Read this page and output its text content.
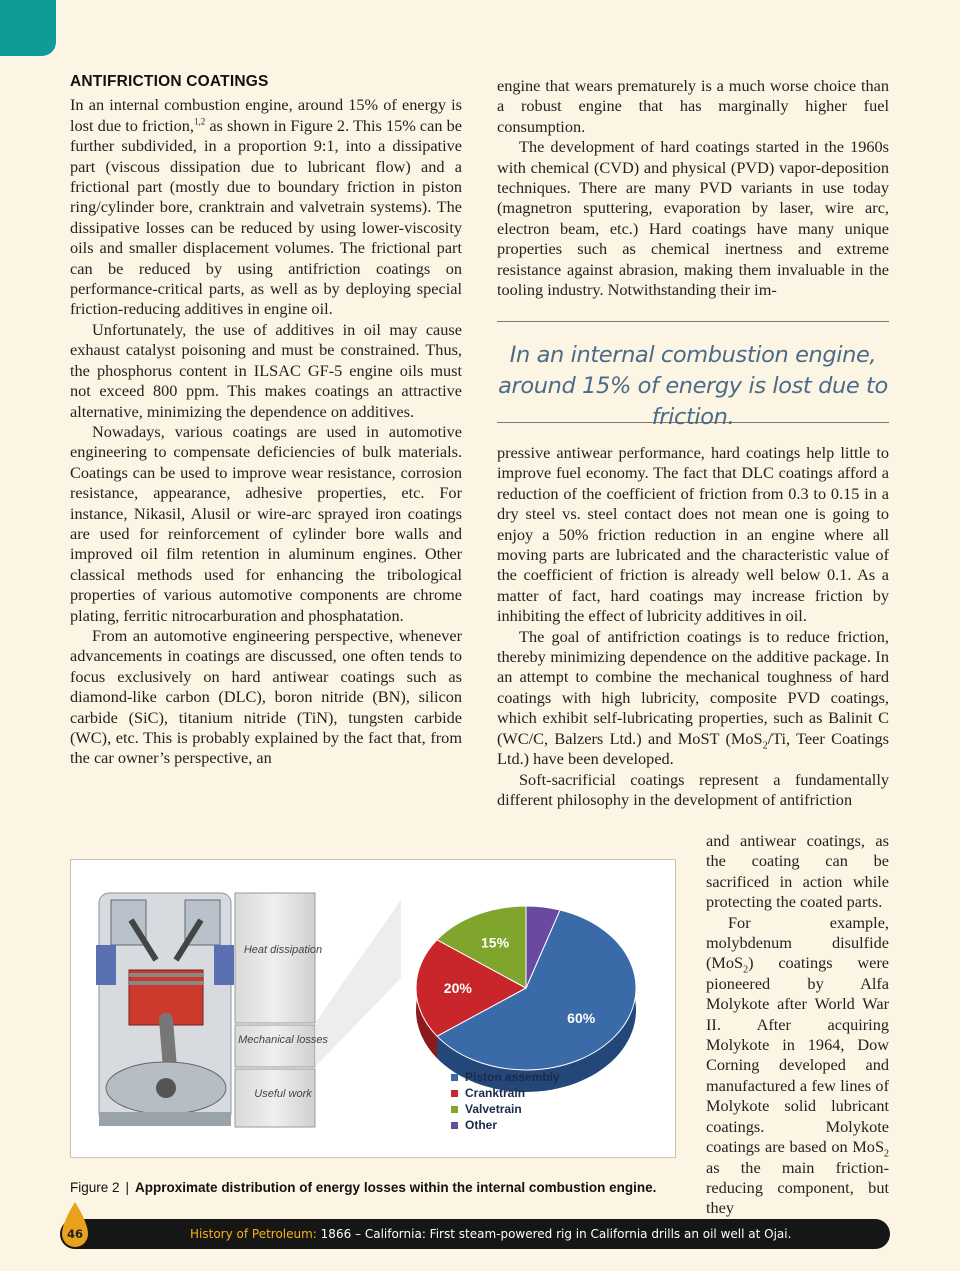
ANTIFRICTION COATINGS

In an internal combustion engine, around 15% of energy is lost due to friction,$^{1,2}$ as shown in Figure 2. This 15% can be further subdivided, in a proportion 9:1, into a dissipative part (viscous dissipation due to lubricant flow) and a frictional part (mostly due to boundary friction in piston ring/cylinder bore, cranktrain and valvetrain systems). The dissipative losses can be reduced by using lower-viscosity oils and smaller displacement volumes. The frictional part can be reduced by using antifriction coatings on performance-critical parts, as well as by deploying special friction-reducing additives in engine oil.

Unfortunately, the use of additives in oil may cause exhaust catalyst poisoning and must be constrained. Thus, the phosphorus content in ILSAC GF-5 engine oils must not exceed 800 ppm. This makes coatings an attractive alternative, minimizing the dependence on additives.

Nowadays, various coatings are used in automotive engineering to compensate deficiencies of bulk materials. Coatings can be used to improve wear resistance, corrosion resistance, appearance, adhesive properties, etc. For instance, Nikasil, Alusil or wire-arc sprayed iron coatings are used for reinforcement of cylinder bore walls and improved oil film retention in aluminum engines. Other classical methods used for enhancing the tribological properties of various automotive components are chrome plating, ferritic nitrocarburation and phosphatation.

From an automotive engineering perspective, whenever advancements in coatings are discussed, one often tends to focus exclusively on hard antiwear coatings such as diamond-like carbon (DLC), boron nitride (BN), silicon carbide (SiC), titanium nitride (TiN), tungsten carbide (WC), etc. This is probably explained by the fact that, from the car owner’s perspective, an

engine that wears prematurely is a much worse choice than a robust engine that has marginally higher fuel consumption.

The development of hard coatings started in the 1960s with chemical (CVD) and physical (PVD) vapor-deposition techniques. There are many PVD variants in use today (magnetron sputtering, evaporation by laser, wire arc, electron beam, etc.) Hard coatings have many unique properties such as chemical inertness and extreme resistance against abrasion, making them invaluable in the tooling industry. Notwithstanding their im-

In an internal combustion engine, around 15% of energy is lost due to friction.

pressive antiwear performance, hard coatings help little to improve fuel economy. The fact that DLC coatings afford a reduction of the coefficient of friction from 0.3 to 0.15 in a dry steel vs. steel contact does not mean one is going to enjoy a 50% friction reduction in an engine where all moving parts are lubricated and the characteristic value of the coefficient of friction is already well below 0.1. As a matter of fact, hard coatings may increase friction by inhibiting the effect of lubricity additives in oil.

The goal of antifriction coatings is to reduce friction, thereby minimizing dependence on the additive package. In an attempt to combine the mechanical toughness of hard coatings with high lubricity, composite PVD coatings, which exhibit self-lubricating properties, such as Balinit C (WC/C, Balzers Ltd.) and MoST (MoS$_2$/Ti, Teer Coatings Ltd.) have been developed.

Soft-sacrificial coatings represent a fundamentally different philosophy in the development of antifriction

and antiwear coatings, as the coating can be sacrificed in action while protecting the coated parts.

For example, molybdenum disulfide (MoS$_2$) coatings were pioneered by Alfa Molykote after World War II. After acquiring Molykote in 1964, Dow Corning developed and manufactured a few lines of Molykote solid lubricant coatings. Molykote coatings are based on MoS$_2$ as the main friction-reducing component, but they

Heat dissipation
Mechanical losses
Useful work
60%
20%
15%
Piston assembly
Cranktrain
Valvetrain
Other
Figure 2 | Approximate distribution of energy losses within the internal combustion engine.
History of Petroleum: 1866 – California: First steam-powered rig in California drills an oil well at Ojai.
46
